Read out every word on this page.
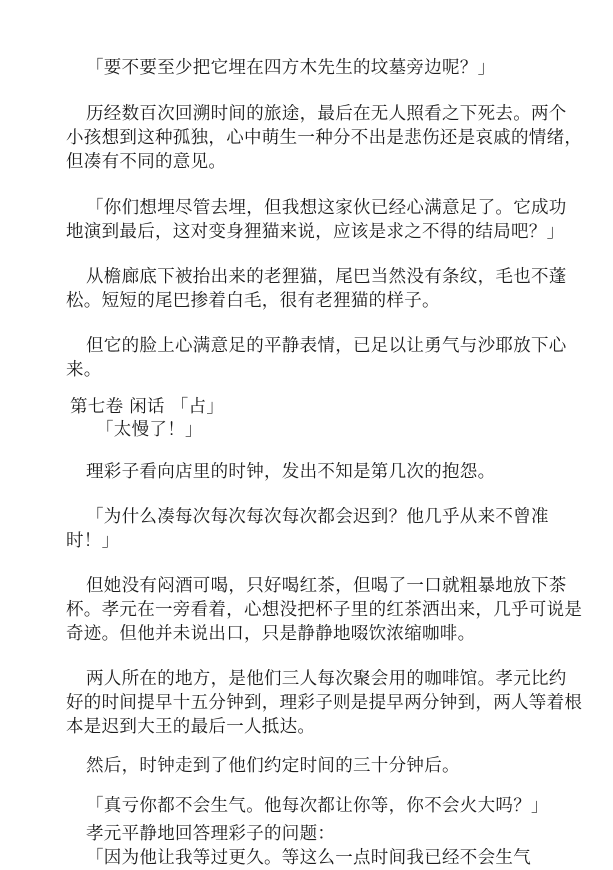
「要不要至少把它埋在四方木先生的坟墓旁边呢？」
历经数百次回溯时间的旅途，最后在无人照看之下死去。两个
小孩想到这种孤独，心中萌生一种分不出是悲伤还是哀戚的情绪，
但凑有不同的意见。
「你们想埋尽管去埋，但我想这家伙已经心满意足了。它成功
地演到最后，这对变身狸猫来说，应该是求之不得的结局吧？」
从檐廊底下被抬出来的老狸猫，尾巴当然没有条纹，毛也不蓬
松。短短的尾巴掺着白毛，很有老狸猫的样子。
但它的脸上心满意足的平静表情，已足以让勇气与沙耶放下心
来。
第七卷 闲话 「占」
「太慢了！」
理彩子看向店里的时钟，发出不知是第几次的抱怨。
「为什么凑每次每次每次每次都会迟到？他几乎从来不曾准
时！」
但她没有闷酒可喝，只好喝红茶，但喝了一口就粗暴地放下茶
杯。孝元在一旁看着，心想没把杯子里的红茶洒出来，几乎可说是
奇迹。但他并未说出口，只是静静地啜饮浓缩咖啡。
两人所在的地方，是他们三人每次聚会用的咖啡馆。孝元比约
好的时间提早十五分钟到，理彩子则是提早两分钟到，两人等着根
本是迟到大王的最后一人抵达。
然后，时钟走到了他们约定时间的三十分钟后。
「真亏你都不会生气。他每次都让你等，你不会火大吗？」
孝元平静地回答理彩子的问题：
「因为他让我等过更久。等这么一点时间我已经不会生气
